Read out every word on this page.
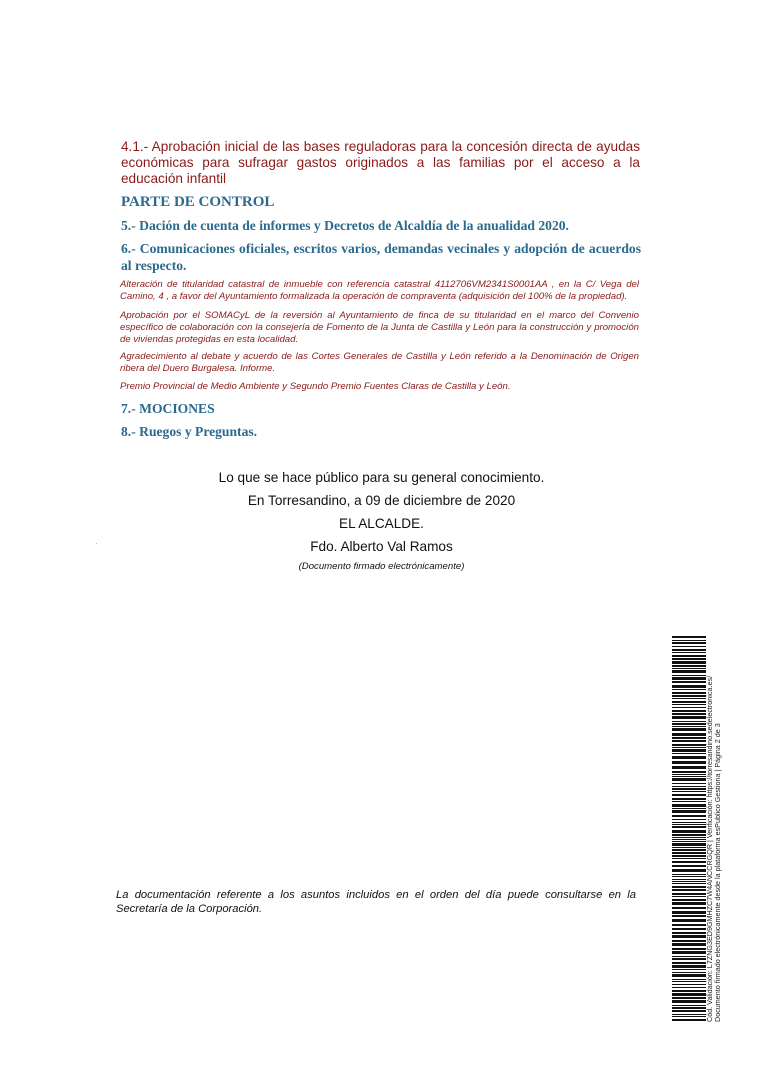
4.1.- Aprobación inicial de las bases reguladoras para la concesión directa de ayudas económicas para sufragar gastos originados a las familias por el acceso a la educación infantil
PARTE DE CONTROL
5.- Dación de cuenta de informes y Decretos de Alcaldía de la anualidad 2020.
6.- Comunicaciones oficiales, escritos varios, demandas vecinales y adopción de acuerdos al respecto.
Alteración de titularidad catastral de inmueble con referencia catastral 4112706VM2341S0001AA , en la C/ Vega del Camino, 4 , a favor del Ayuntamiento formalizada la operación de compraventa (adquisición del 100% de la propiedad).
Aprobación por el SOMACyL de la reversión al Ayuntamiento de finca de su titularidad en el marco del Convenio específico de colaboración con la consejería de Fomento de la Junta de Castilla y León para la construcción y promoción de viviendas protegidas en esta localidad.
Agradecimiento al debate y acuerdo de las Cortes Generales de Castilla y León referido a la Denominación de Origen ribera del Duero Burgalesa. Informe.
Premio Provincial de Medio Ambiente y Segundo Premio Fuentes Claras de Castilla y León.
7.- MOCIONES
8.- Ruegos y Preguntas.
Lo que se hace público para su general conocimiento.
En Torresandino, a 09 de diciembre de 2020
EL ALCALDE.
Fdo. Alberto Val Ramos
(Documento firmado electrónicamente)
La documentación referente a los asuntos incluidos en el orden del día puede consultarse en la Secretaría de la Corporación.	Cód. Validación: L7ZNG3ED9GMHZC7W4ANCCRGQR | Verificación: https://torresandino.sedelectronica.es/ Documento firmado electrónicamente desde la plataforma esPublico Gestiona | Página 2 de 3
